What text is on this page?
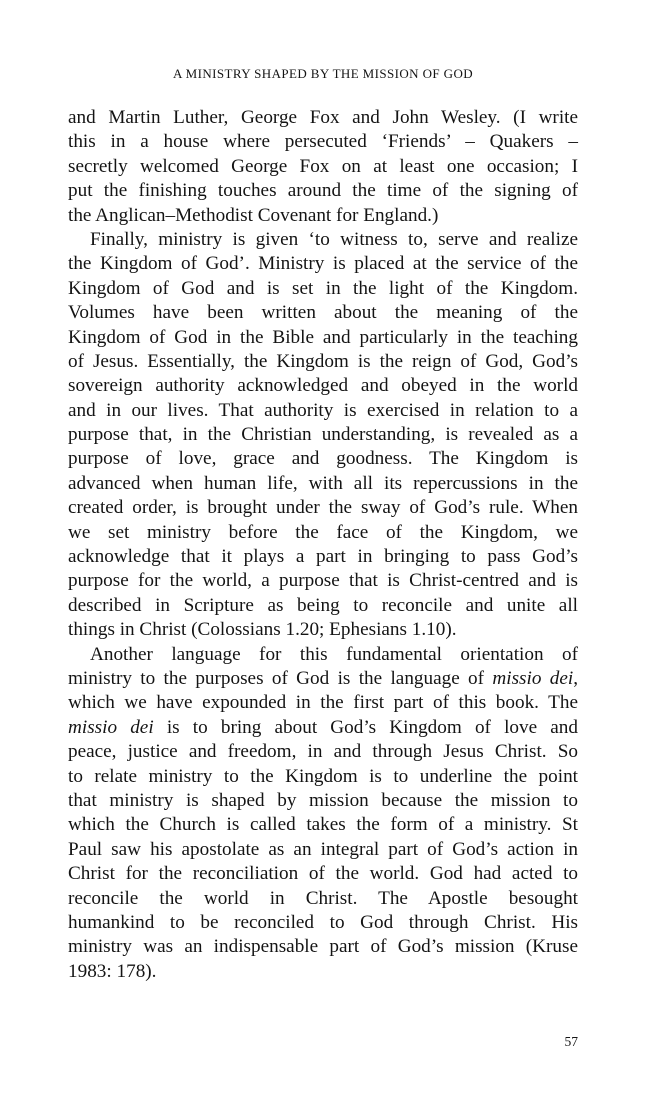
A MINISTRY SHAPED BY THE MISSION OF GOD
and Martin Luther, George Fox and John Wesley. (I write
this in a house where persecuted ‘Friends’ – Quakers –
secretly welcomed George Fox on at least one occasion; I
put the finishing touches around the time of the signing of
the Anglican–Methodist Covenant for England.)
Finally, ministry is given ‘to witness to, serve and realize
the Kingdom of God’. Ministry is placed at the service of the
Kingdom of God and is set in the light of the Kingdom.
Volumes have been written about the meaning of the
Kingdom of God in the Bible and particularly in the teaching
of Jesus. Essentially, the Kingdom is the reign of God, God’s
sovereign authority acknowledged and obeyed in the world
and in our lives. That authority is exercised in relation to a
purpose that, in the Christian understanding, is revealed as a
purpose of love, grace and goodness. The Kingdom is
advanced when human life, with all its repercussions in the
created order, is brought under the sway of God’s rule. When
we set ministry before the face of the Kingdom, we
acknowledge that it plays a part in bringing to pass God’s
purpose for the world, a purpose that is Christ-centred and is
described in Scripture as being to reconcile and unite all
things in Christ (Colossians 1.20; Ephesians 1.10).
Another language for this fundamental orientation of
ministry to the purposes of God is the language of missio dei,
which we have expounded in the first part of this book. The
missio dei is to bring about God’s Kingdom of love and
peace, justice and freedom, in and through Jesus Christ. So
to relate ministry to the Kingdom is to underline the point
that ministry is shaped by mission because the mission to
which the Church is called takes the form of a ministry. St
Paul saw his apostolate as an integral part of God’s action in
Christ for the reconciliation of the world. God had acted to
reconcile the world in Christ. The Apostle besought
humankind to be reconciled to God through Christ. His
ministry was an indispensable part of God’s mission (Kruse
1983: 178).
57
